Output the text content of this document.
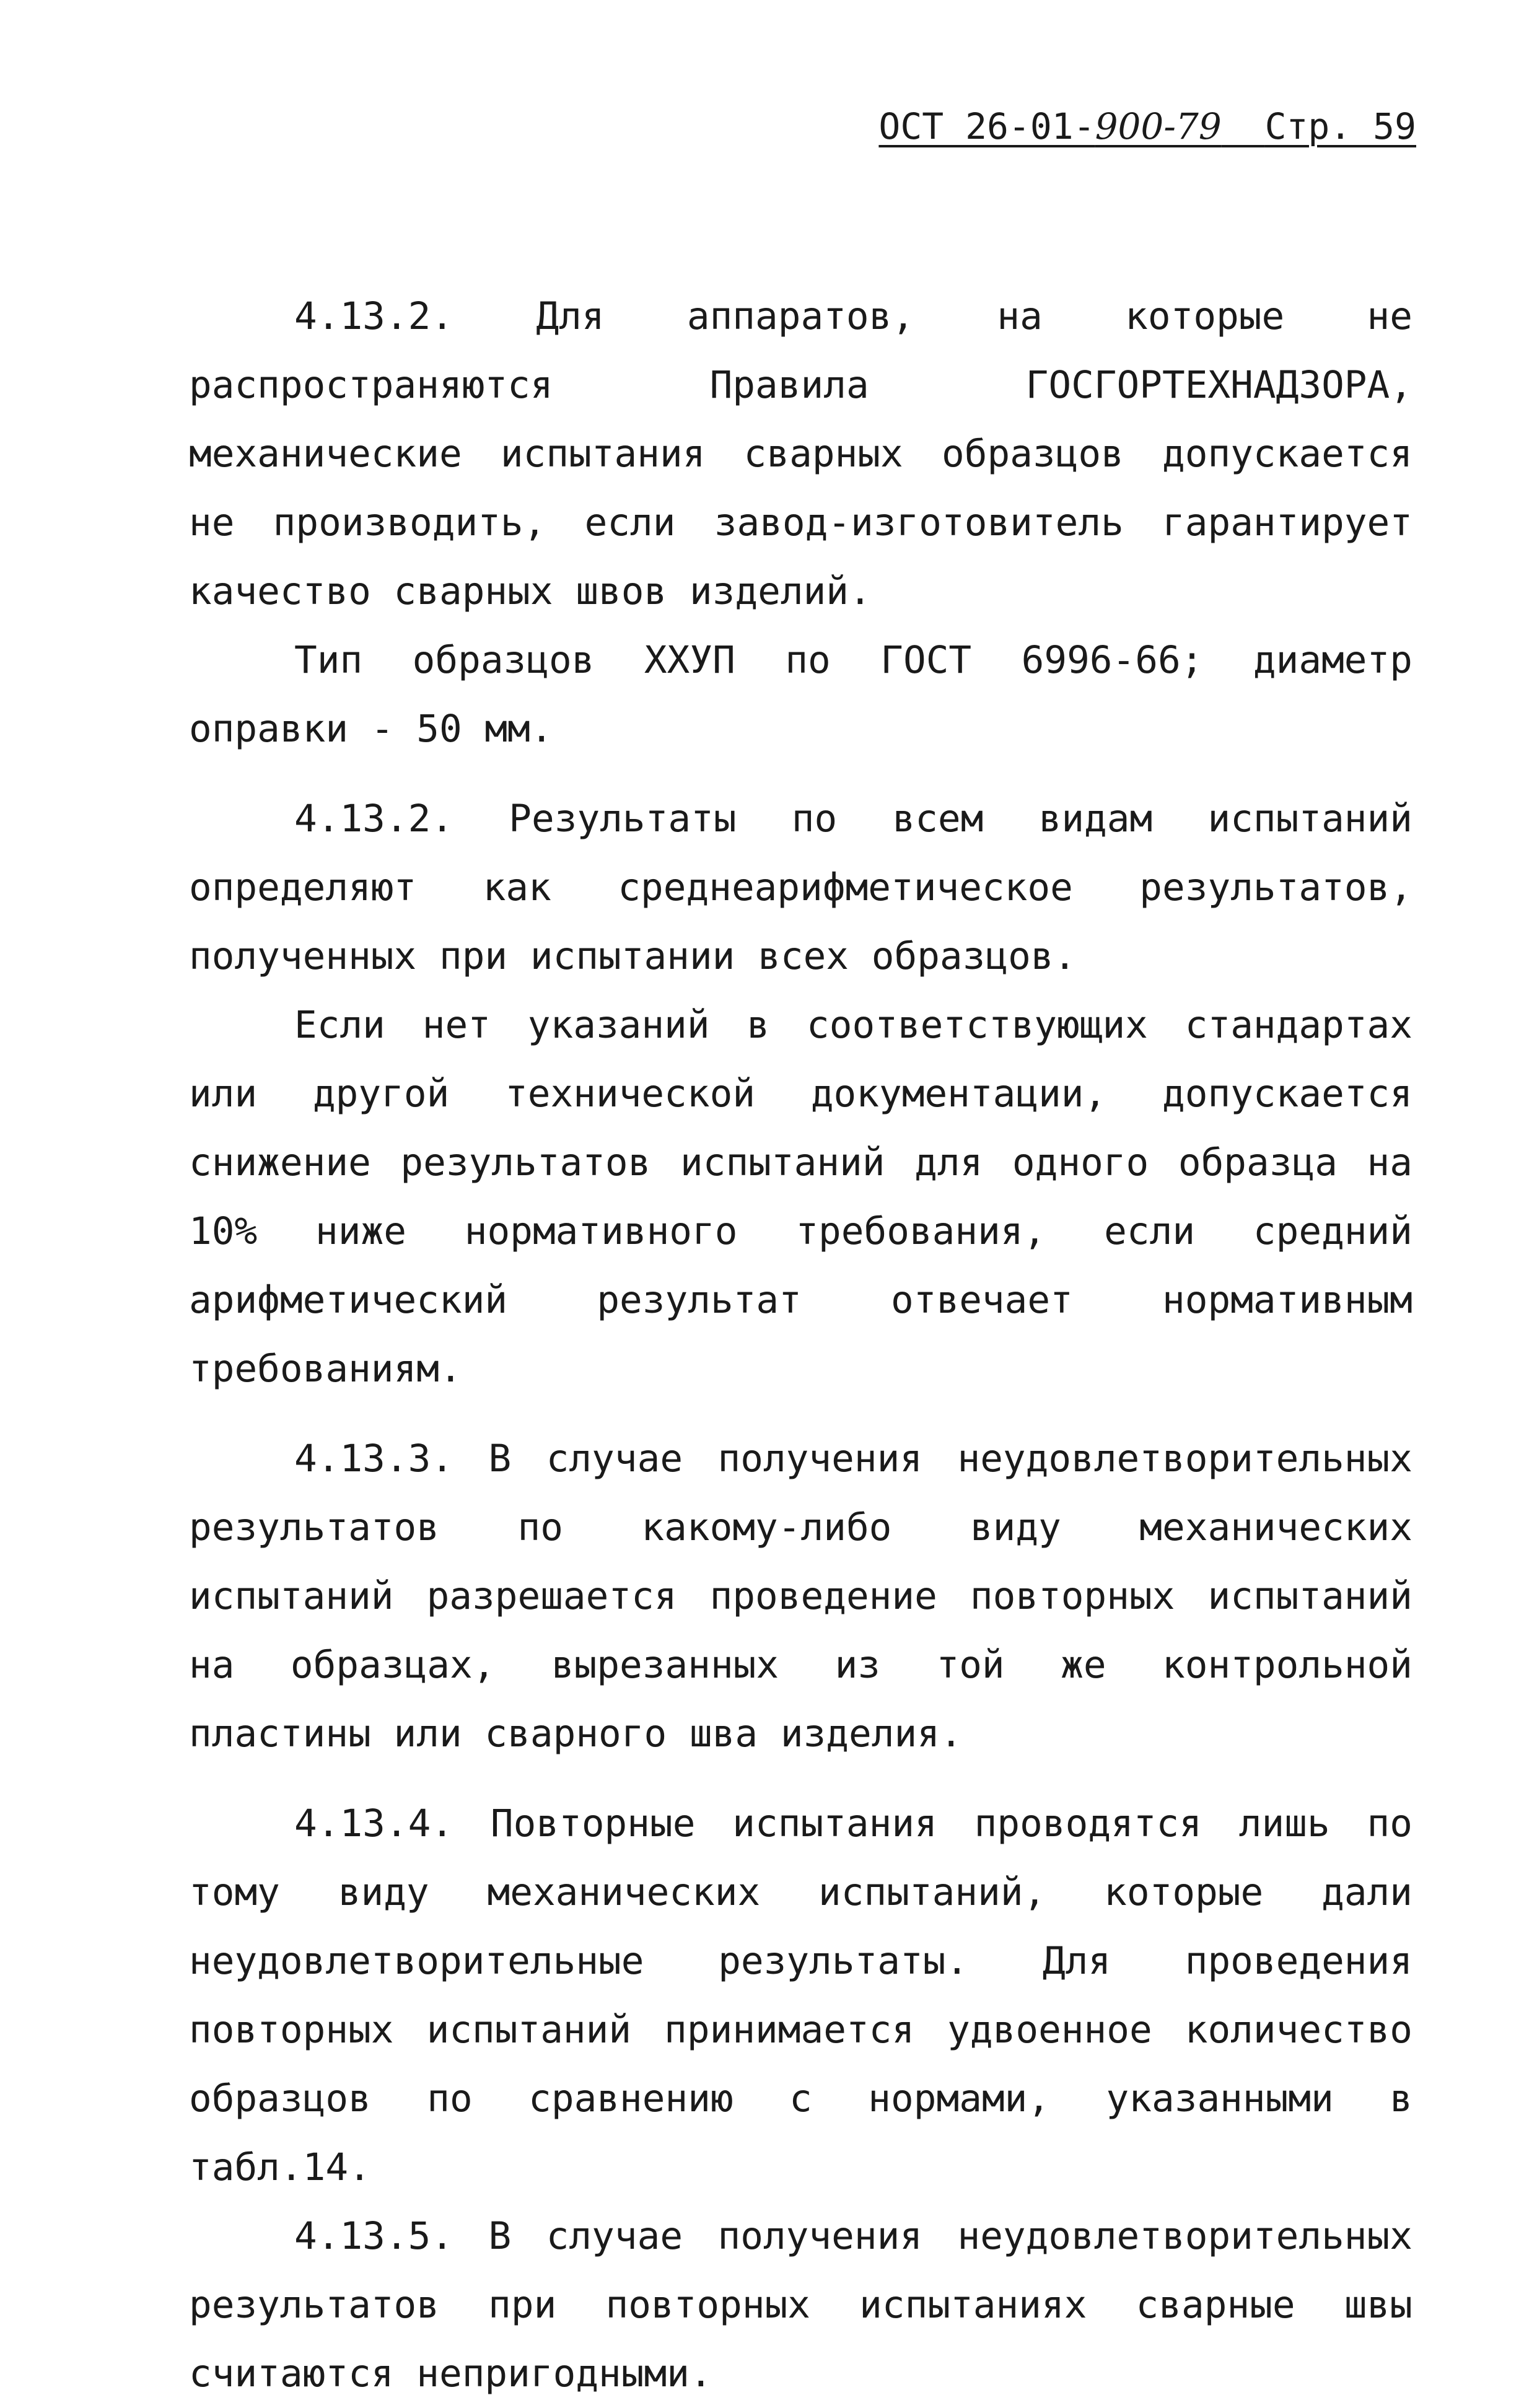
ОСТ 26-01-900-79 Стр. 59

4.13.2. Для аппаратов, на которые не распространяются Правила ГОСГОРТЕХНАДЗОРА, механические испытания сварных образцов допускается не производить, если завод-изготовитель гарантирует качество сварных швов изделий.

Тип образцов ХХУП по ГОСТ 6996-66; диаметр оправки - 50 мм.

4.13.2. Результаты по всем видам испытаний определяют как среднеарифметическое результатов, полученных при испытании всех образцов.

Если нет указаний в соответствующих стандартах или другой технической документации, допускается снижение результатов испытаний для одного образца на 10% ниже нормативного требования, если средний арифметический результат отвечает нормативным требованиям.

4.13.3. В случае получения неудовлетворительных результатов по какому-либо виду механических испытаний разрешается проведение повторных испытаний на образцах, вырезанных из той же контрольной пластины или сварного шва изделия.

4.13.4. Повторные испытания проводятся лишь по тому виду механических испытаний, которые дали неудовлетворительные результаты. Для проведения повторных испытаний принимается удвоенное количество образцов по сравнению с нормами, указанными в табл.14.

4.13.5. В случае получения неудовлетворительных результатов при повторных испытаниях сварные швы считаются непригодными.
